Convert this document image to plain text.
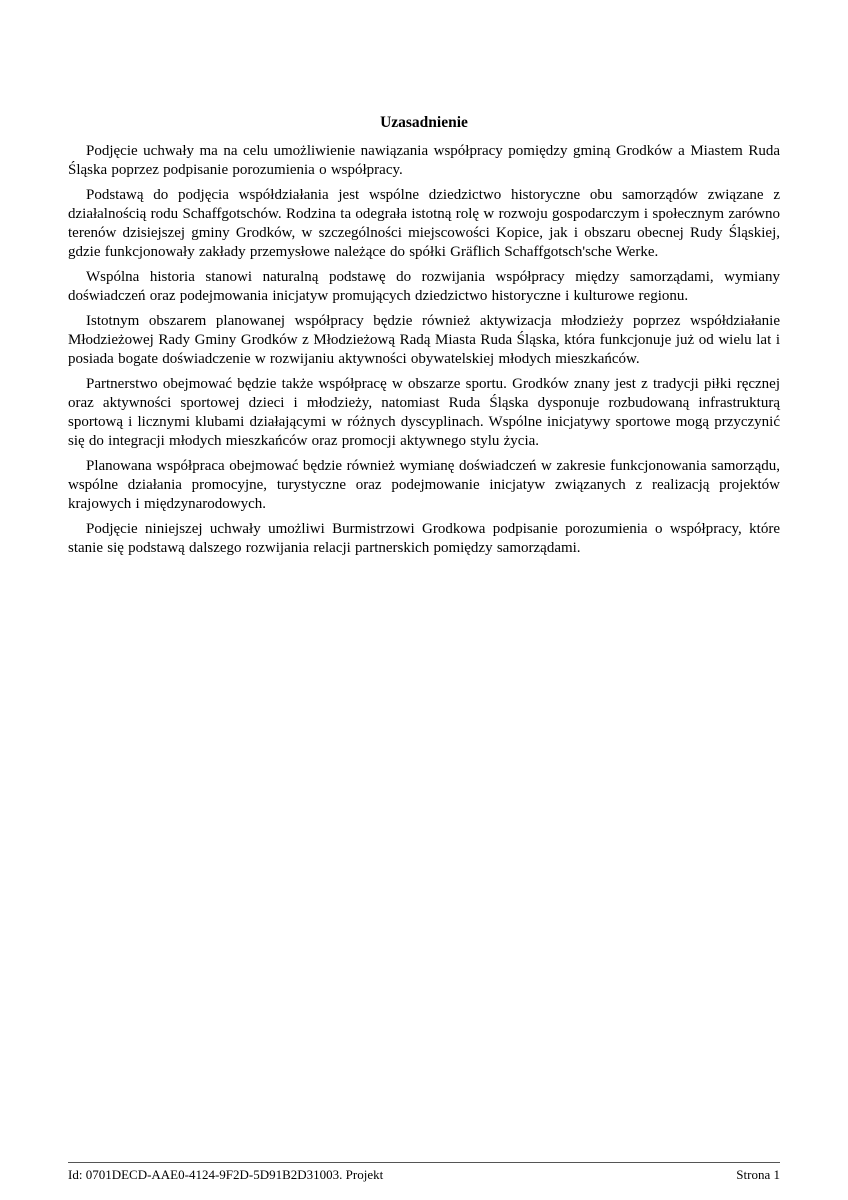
Uzasadnienie

Podjęcie uchwały ma na celu umożliwienie nawiązania współpracy pomiędzy gminą Grodków a Miastem Ruda Śląska poprzez podpisanie porozumienia o współpracy.

Podstawą do podjęcia współdziałania jest wspólne dziedzictwo historyczne obu samorządów związane z działalnością rodu Schaffgotschów. Rodzina ta odegrała istotną rolę w rozwoju gospodarczym i społecznym zarówno terenów dzisiejszej gminy Grodków, w szczególności miejscowości Kopice, jak i obszaru obecnej Rudy Śląskiej, gdzie funkcjonowały zakłady przemysłowe należące do spółki Gräflich Schaffgotsch'sche Werke.

Wspólna historia stanowi naturalną podstawę do rozwijania współpracy między samorządami, wymiany doświadczeń oraz podejmowania inicjatyw promujących dziedzictwo historyczne i kulturowe regionu.

Istotnym obszarem planowanej współpracy będzie również aktywizacja młodzieży poprzez współdziałanie Młodzieżowej Rady Gminy Grodków z Młodzieżową Radą Miasta Ruda Śląska, która funkcjonuje już od wielu lat i posiada bogate doświadczenie w rozwijaniu aktywności obywatelskiej młodych mieszkańców.

Partnerstwo obejmować będzie także współpracę w obszarze sportu. Grodków znany jest z tradycji piłki ręcznej oraz aktywności sportowej dzieci i młodzieży, natomiast Ruda Śląska dysponuje rozbudowaną infrastrukturą sportową i licznymi klubami działającymi w różnych dyscyplinach. Wspólne inicjatywy sportowe mogą przyczynić się do integracji młodych mieszkańców oraz promocji aktywnego stylu życia.

Planowana współpraca obejmować będzie również wymianę doświadczeń w zakresie funkcjonowania samorządu, wspólne działania promocyjne, turystyczne oraz podejmowanie inicjatyw związanych z realizacją projektów krajowych i międzynarodowych.

Podjęcie niniejszej uchwały umożliwi Burmistrzowi Grodkowa podpisanie porozumienia o współpracy, które stanie się podstawą dalszego rozwijania relacji partnerskich pomiędzy samorządami.

Id: 0701DECD-AAE0-4124-9F2D-5D91B2D31003. Projekt	Strona 1
